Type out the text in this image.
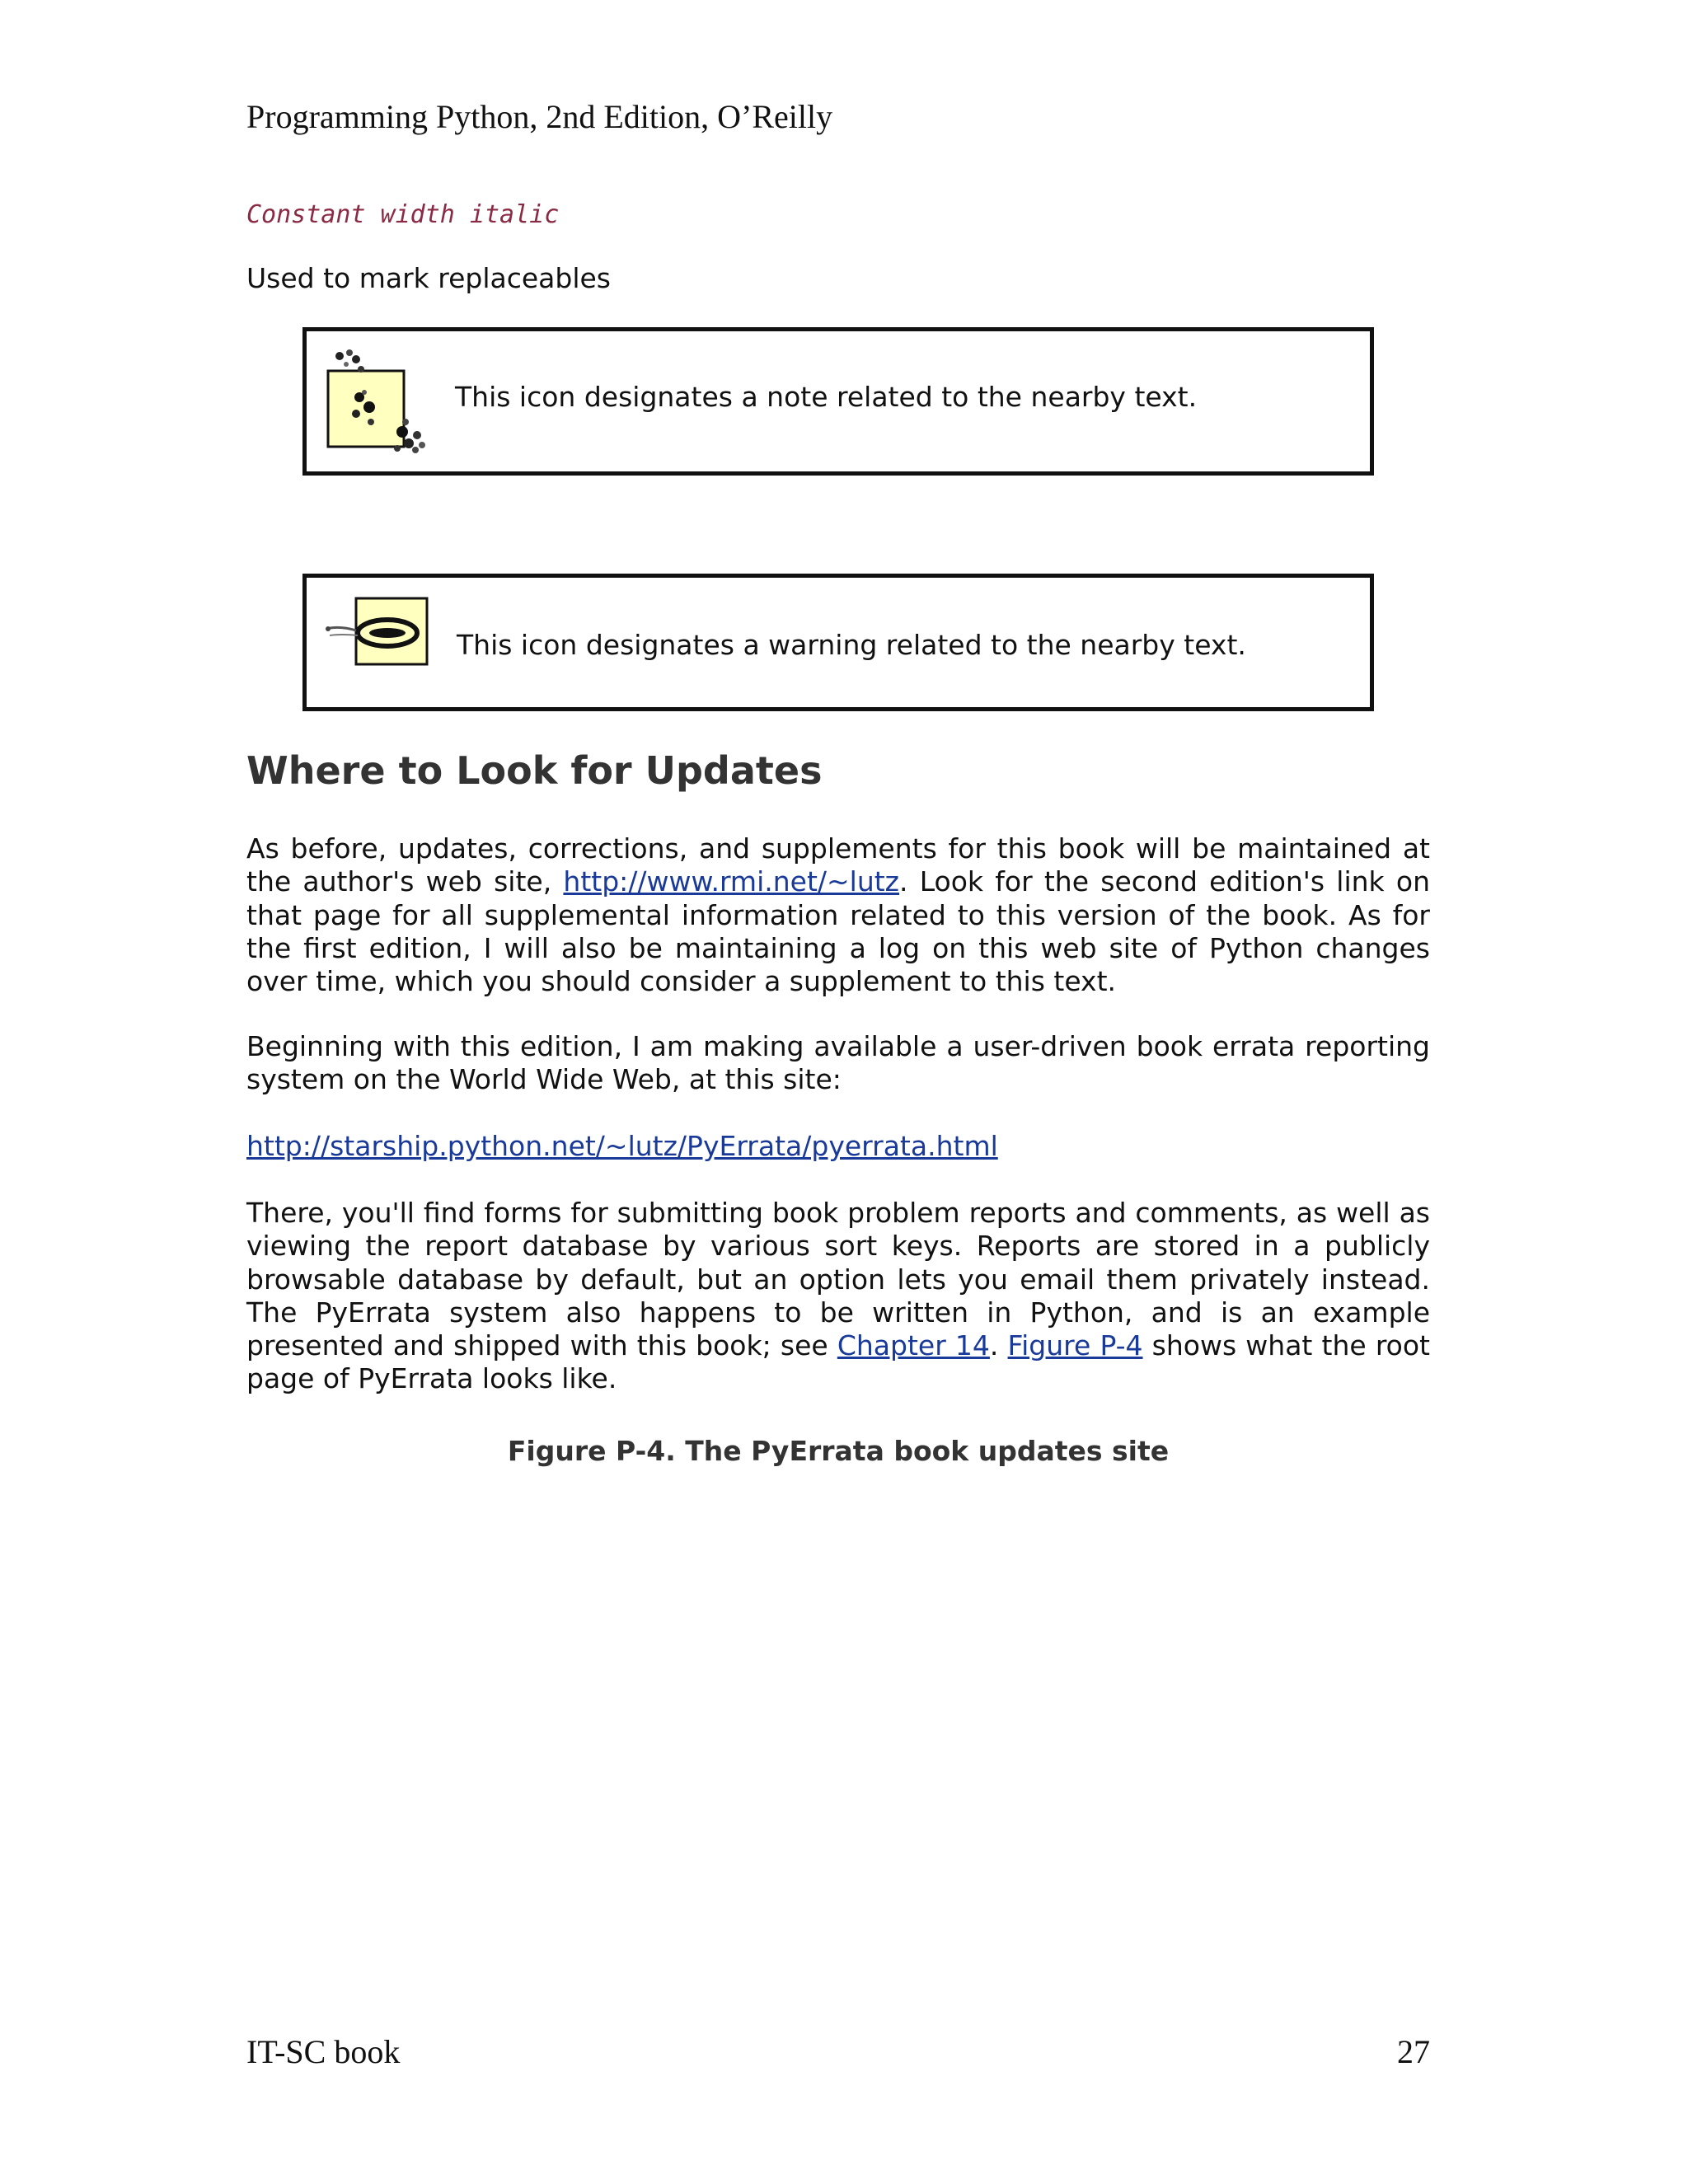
Programming Python, 2nd Edition, O’Reilly
Constant width italic
Used to mark replaceables
This icon designates a note related to the nearby text.
This icon designates a warning related to the nearby text.
Where to Look for Updates
As before, updates, corrections, and supplements for this book will be maintained at the author's web site, http://www.rmi.net/~lutz. Look for the second edition's link on that page for all supplemental information related to this version of the book. As for the first edition, I will also be maintaining a log on this web site of Python changes over time, which you should consider a supplement to this text.
Beginning with this edition, I am making available a user-driven book errata reporting system on the World Wide Web, at this site:
http://starship.python.net/~lutz/PyErrata/pyerrata.html
There, you'll find forms for submitting book problem reports and comments, as well as viewing the report database by various sort keys. Reports are stored in a publicly browsable database by default, but an option lets you email them privately instead. The PyErrata system also happens to be written in Python, and is an example presented and shipped with this book; see Chapter 14. Figure P-4 shows what the root page of PyErrata looks like.
Figure P-4. The PyErrata book updates site
IT-SC book	27
